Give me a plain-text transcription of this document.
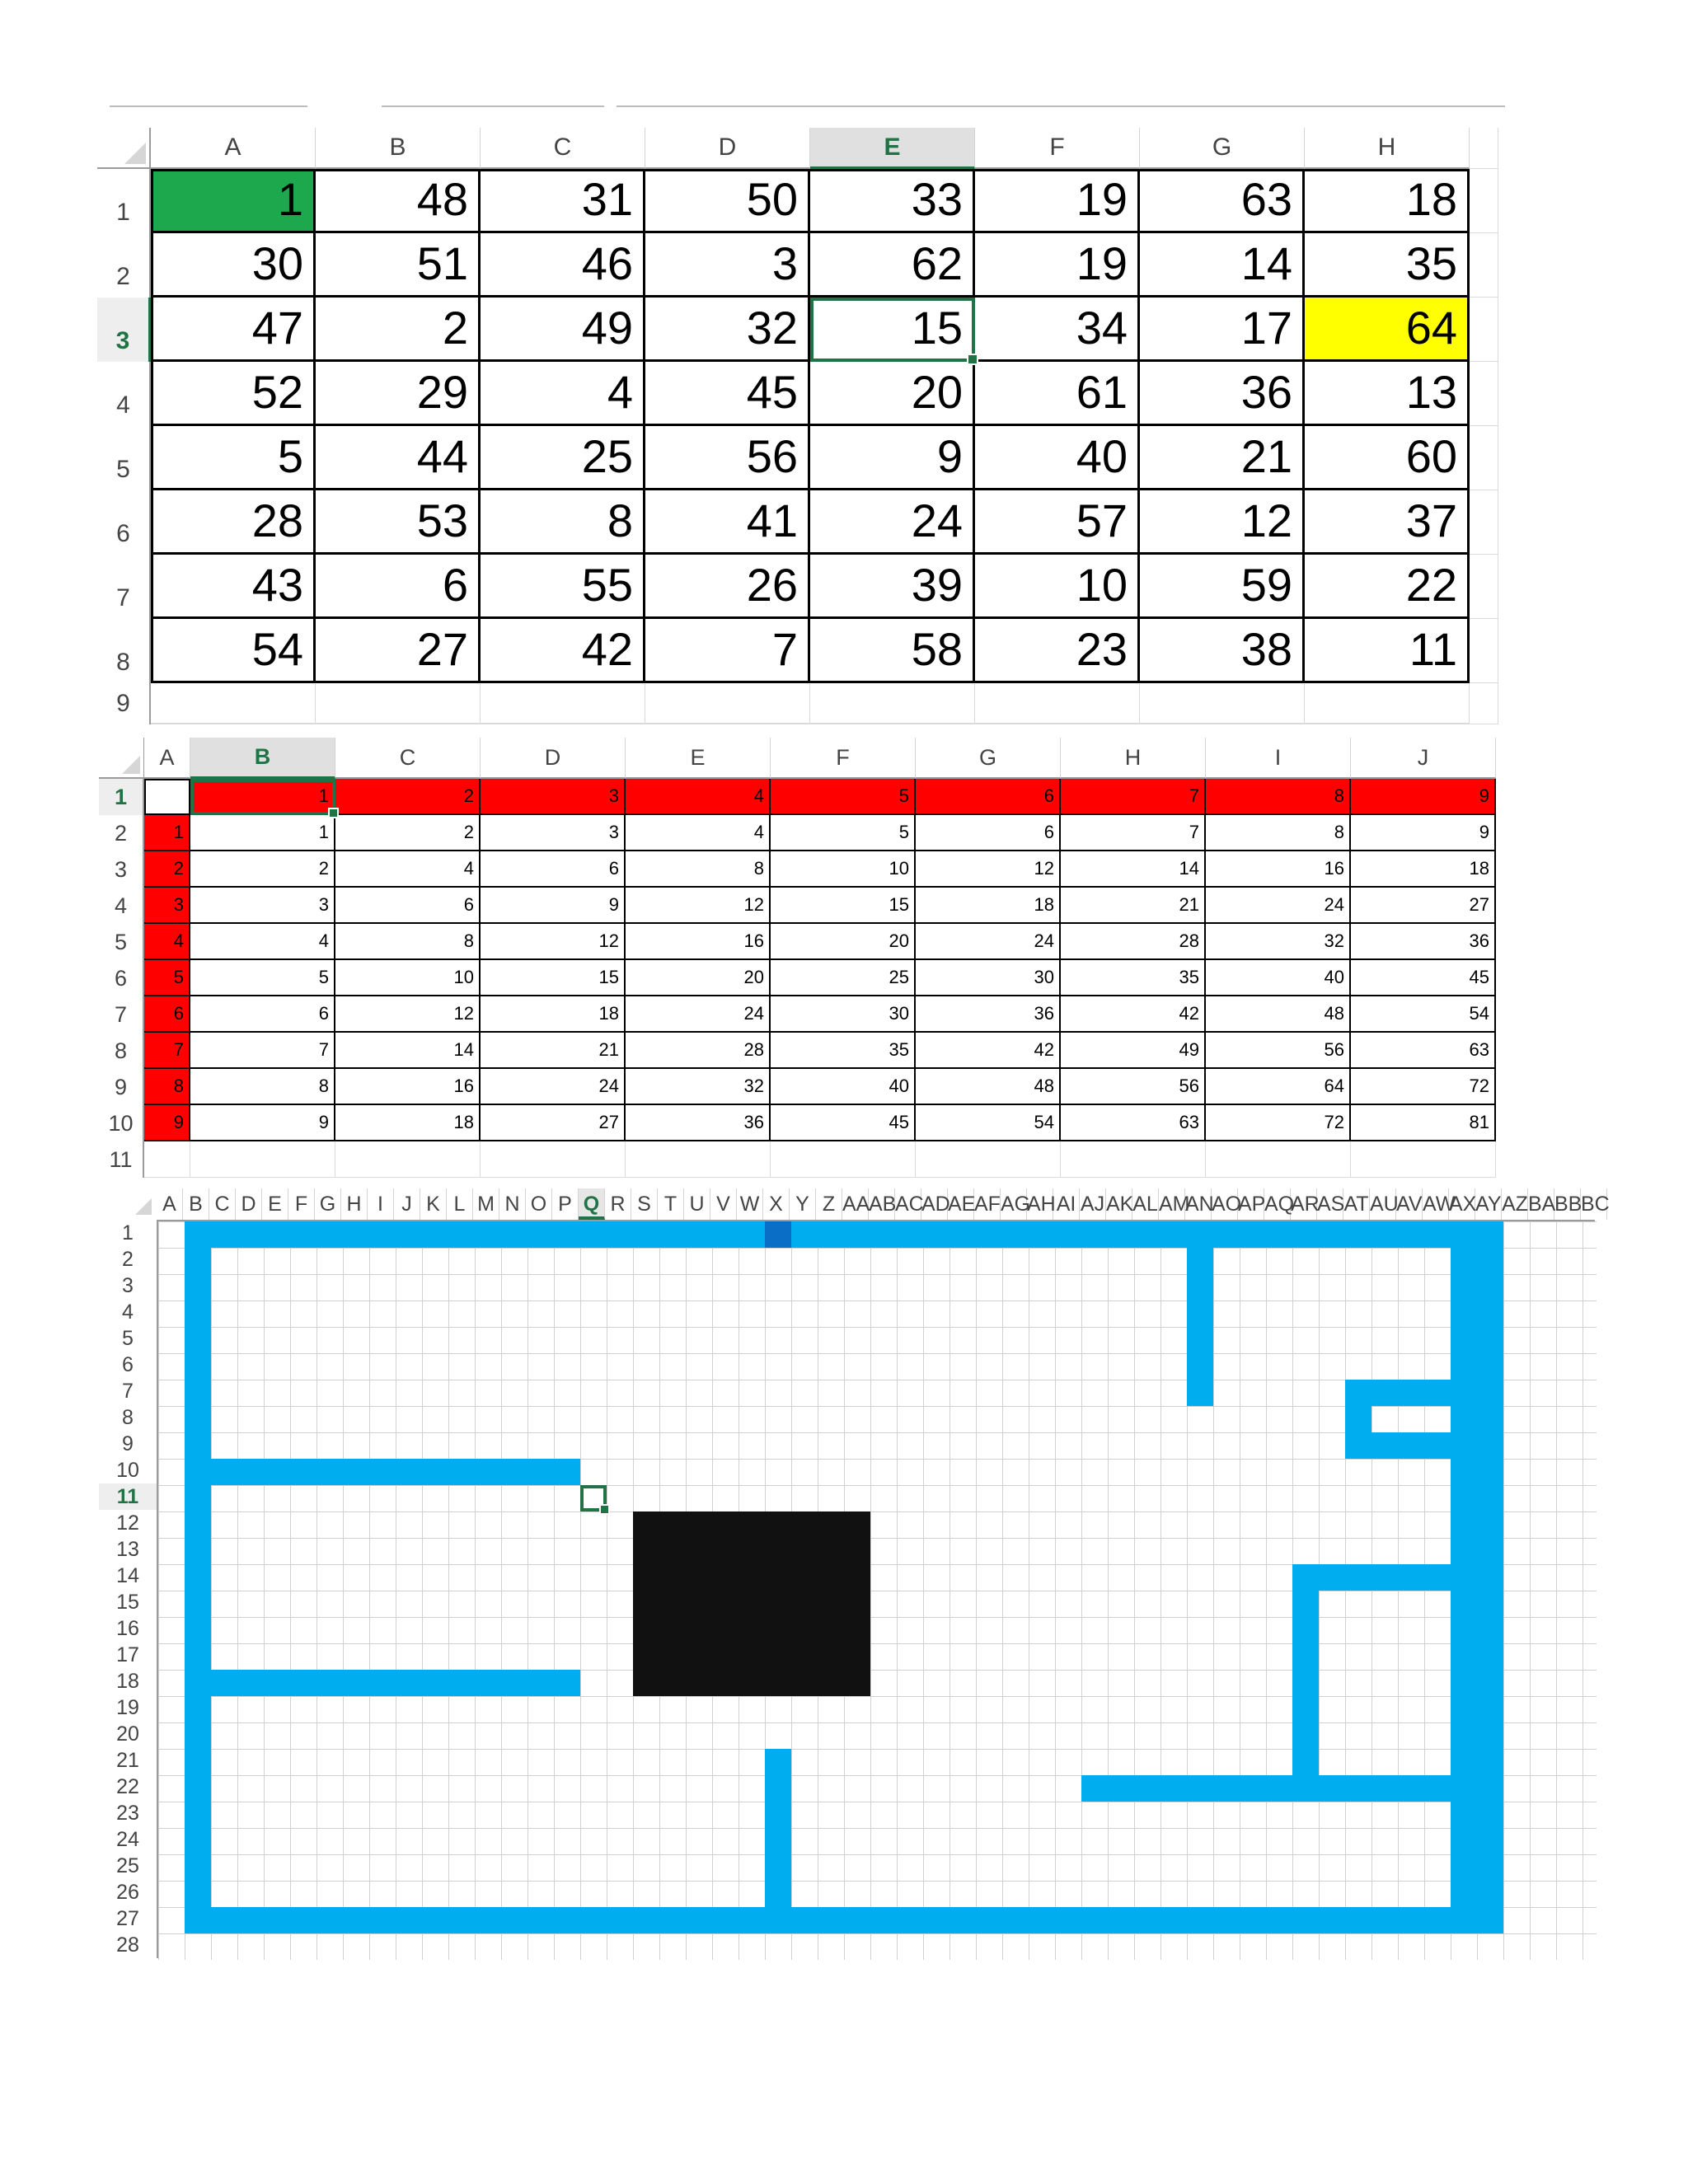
A	B	C	D	E	F	G	H
1	1	48	31	50	33	19	63	18
2	30	51	46	3	62	19	14	35
3	47	2	49	32	15	34	17	64
4	52	29	4	45	20	61	36	13
5	5	44	25	56	9	40	21	60
6	28	53	8	41	24	57	12	37
7	43	6	55	26	39	10	59	22
8	54	27	42	7	58	23	38	11
9
A	B	C	D	E	F	G	H	I	J
1	1	2	3	4	5	6	7	8	9
2	1	1	2	3	4	5	6	7	8	9
3	2	2	4	6	8	10	12	14	16	18
4	3	3	6	9	12	15	18	21	24	27
5	4	4	8	12	16	20	24	28	32	36
6	5	5	10	15	20	25	30	35	40	45
7	6	6	12	18	24	30	36	42	48	54
8	7	7	14	21	28	35	42	49	56	63
9	8	8	16	24	32	40	48	56	64	72
10	9	9	18	27	36	45	54	63	72	81
11
A B C D E F G H I J K L M N O P Q R S T U V W X Y Z AA
AB
AC
AD
AE
AF AG
AH AI AJ AK
AL AM
AN
AO
AP
AQ
AR
AS AT AU
AV AW
AX
AY AZ BA
BB
BC
1
2
3
4
5
6
7
8
9
10
11
12
13
14
15
16
17
18
19
20
21
22
23
24
25
26
27
28
